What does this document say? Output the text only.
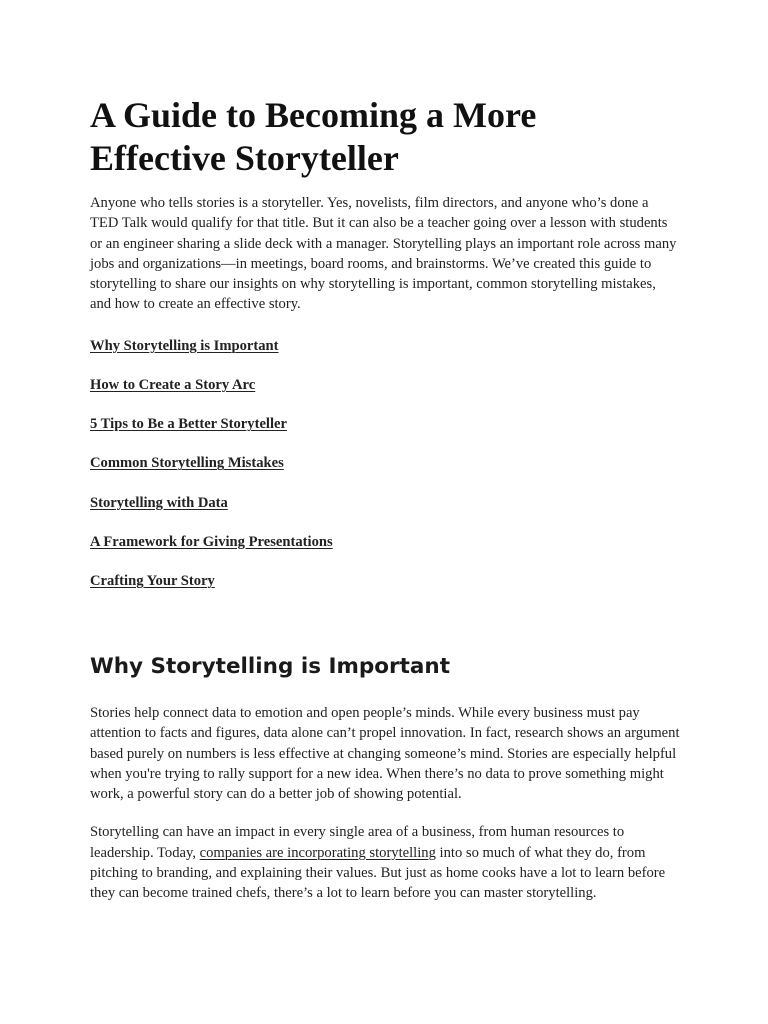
A Guide to Becoming a More
Effective Storyteller

Anyone who tells stories is a storyteller. Yes, novelists, film directors, and anyone who’s done a TED Talk would qualify for that title. But it can also be a teacher going over a lesson with students or an engineer sharing a slide deck with a manager. Storytelling plays an important role across many jobs and organizations—in meetings, board rooms, and brainstorms. We’ve created this guide to storytelling to share our insights on why storytelling is important, common storytelling mistakes, and how to create an effective story.

Why Storytelling is Important
How to Create a Story Arc
5 Tips to Be a Better Storyteller
Common Storytelling Mistakes
Storytelling with Data
A Framework for Giving Presentations
Crafting Your Story
Why Storytelling is Important

Stories help connect data to emotion and open people’s minds. While every business must pay attention to facts and figures, data alone can’t propel innovation. In fact, research shows an argument based purely on numbers is less effective at changing someone’s mind. Stories are especially helpful when you're trying to rally support for a new idea. When there’s no data to prove something might work, a powerful story can do a better job of showing potential.

Storytelling can have an impact in every single area of a business, from human resources to leadership. Today, companies are incorporating storytelling into so much of what they do, from pitching to branding, and explaining their values. But just as home cooks have a lot to learn before they can become trained chefs, there’s a lot to learn before you can master storytelling.
